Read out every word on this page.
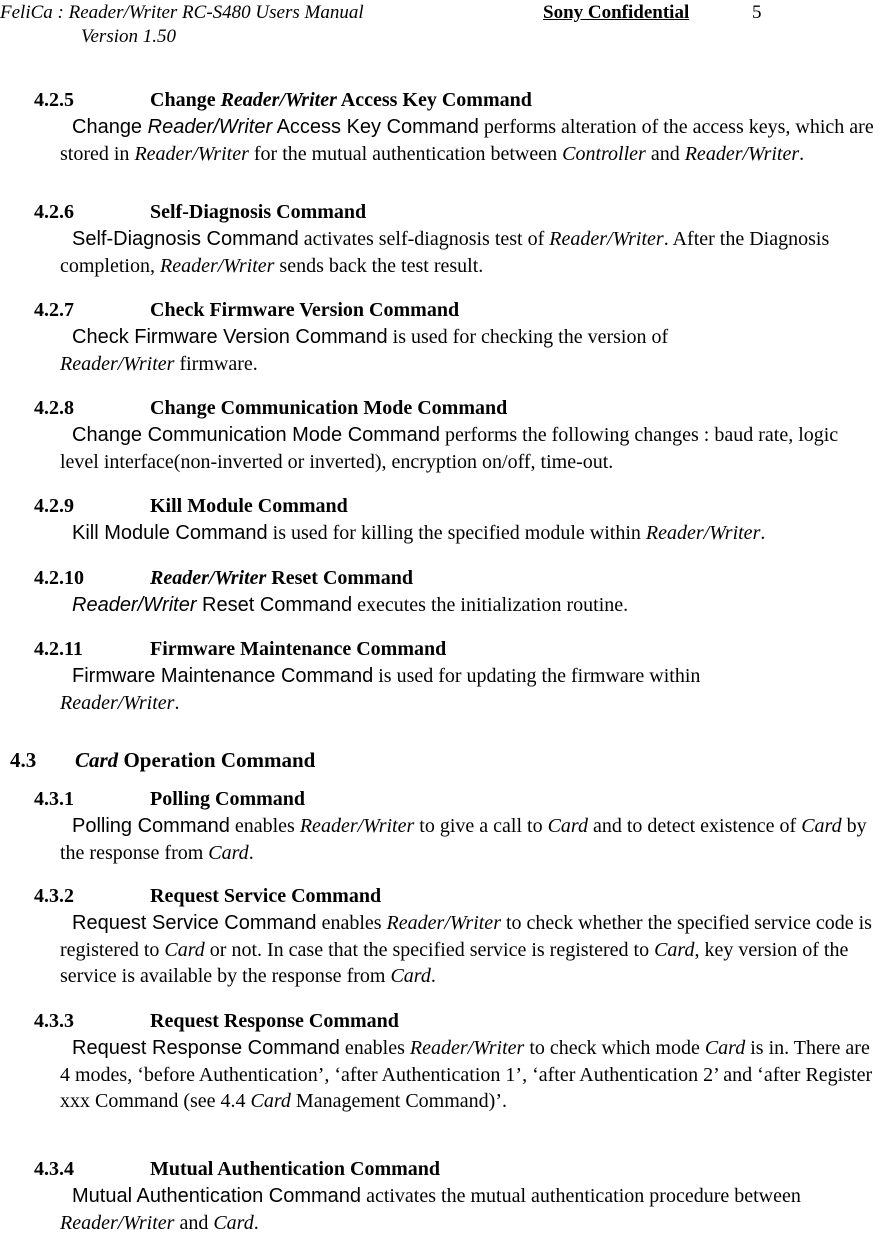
FeliCa : Reader/Writer RC-S480 Users Manual
Version 1.50
Sony Confidential	5
4.2.5	Change Reader/Writer Access Key Command
Change Reader/Writer Access Key Command performs alteration of the access keys, which are stored in Reader/Writer for the mutual authentication between Controller and Reader/Writer.
4.2.6	Self-Diagnosis Command
Self-Diagnosis Command activates self-diagnosis test of Reader/Writer. After the Diagnosis completion, Reader/Writer sends back the test result.
4.2.7	Check Firmware Version Command
Check Firmware Version Command is used for checking the version of Reader/Writer firmware.
4.2.8	Change Communication Mode Command
Change Communication Mode Command performs the following changes : baud rate, logic level interface(non-inverted or inverted), encryption on/off, time-out.
4.2.9	Kill Module Command
Kill Module Command is used for killing the specified module within Reader/Writer.
4.2.10	Reader/Writer Reset Command
Reader/Writer Reset Command executes the initialization routine.
4.2.11	Firmware Maintenance Command
Firmware Maintenance Command is used for updating the firmware within Reader/Writer.
4.3 Card Operation Command
4.3.1	Polling Command
Polling Command enables Reader/Writer to give a call to Card and to detect existence of Card by the response from Card.
4.3.2	Request Service Command
Request Service Command enables Reader/Writer to check whether the specified service code is registered to Card or not. In case that the specified service is registered to Card, key version of the service is available by the response from Card.
4.3.3	Request Response Command
Request Response Command enables Reader/Writer to check which mode Card is in. There are 4 modes, ‘before Authentication’, ‘after Authentication 1’, ‘after Authentication 2’ and ‘after Register xxx Command (see 4.4 Card Management Command)’.
4.3.4	Mutual Authentication Command
Mutual Authentication Command activates the mutual authentication procedure between Reader/Writer and Card.
